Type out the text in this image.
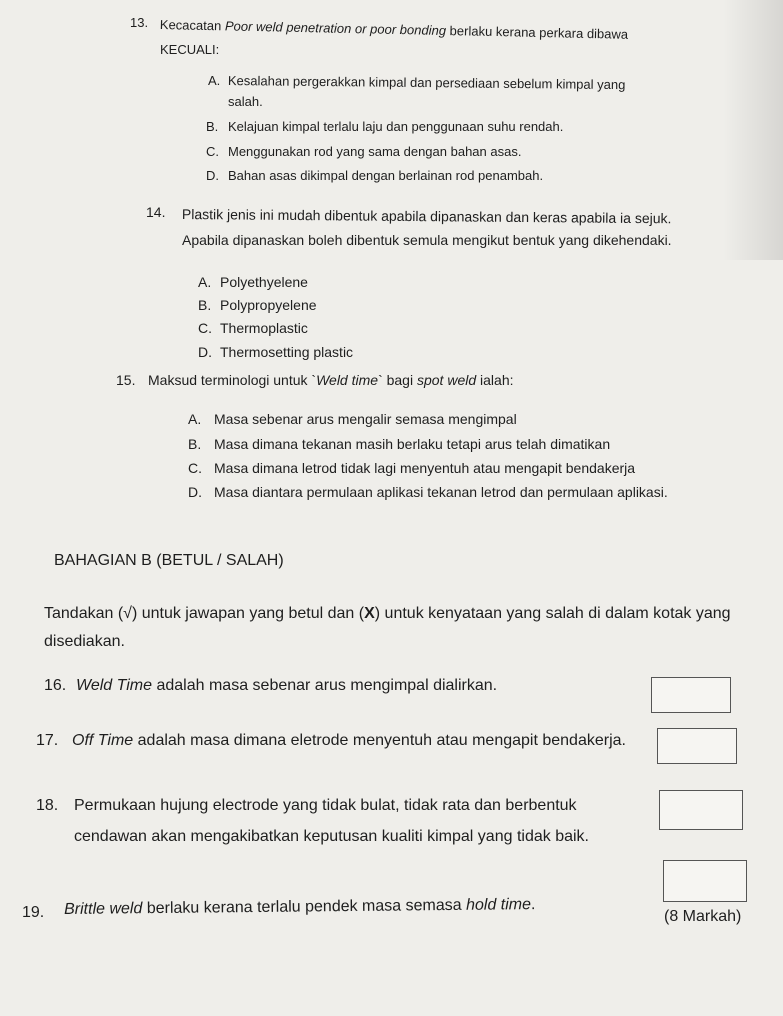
13. Kecacatan Poor weld penetration or poor bonding berlaku kerana perkara dibawa
KECUALI:
A. Kesalahan pergerakkan kimpal dan persediaan sebelum kimpal yang
salah.
B. Kelajuan kimpal terlalu laju dan penggunaan suhu rendah.
C. Menggunakan rod yang sama dengan bahan asas.
D. Bahan asas dikimpal dengan berlainan rod penambah.
14. Plastik jenis ini mudah dibentuk apabila dipanaskan dan keras apabila ia sejuk.
Apabila dipanaskan boleh dibentuk semula mengikut bentuk yang dikehendaki.
A. Polyethyelene
B. Polypropyelene
C. Thermoplastic
D. Thermosetting plastic
15. Maksud terminologi untuk `Weld time` bagi spot weld ialah:
A. Masa sebenar arus mengalir semasa mengimpal
B. Masa dimana tekanan masih berlaku tetapi arus telah dimatikan
C. Masa dimana letrod tidak lagi menyentuh atau mengapit bendakerja
D. Masa diantara permulaan aplikasi tekanan letrod dan permulaan aplikasi.
BAHAGIAN B (BETUL / SALAH)
Tandakan (√) untuk jawapan yang betul dan (X) untuk kenyataan yang salah di dalam kotak yang
disediakan.
16. Weld Time adalah masa sebenar arus mengimpal dialirkan.
17. Off Time adalah masa dimana eletrode menyentuh atau mengapit bendakerja.
18. Permukaan hujung electrode yang tidak bulat, tidak rata dan berbentuk
cendawan akan mengakibatkan keputusan kualiti kimpal yang tidak baik.
19. Brittle weld berlaku kerana terlalu pendek masa semasa hold time.
(8 Markah)
